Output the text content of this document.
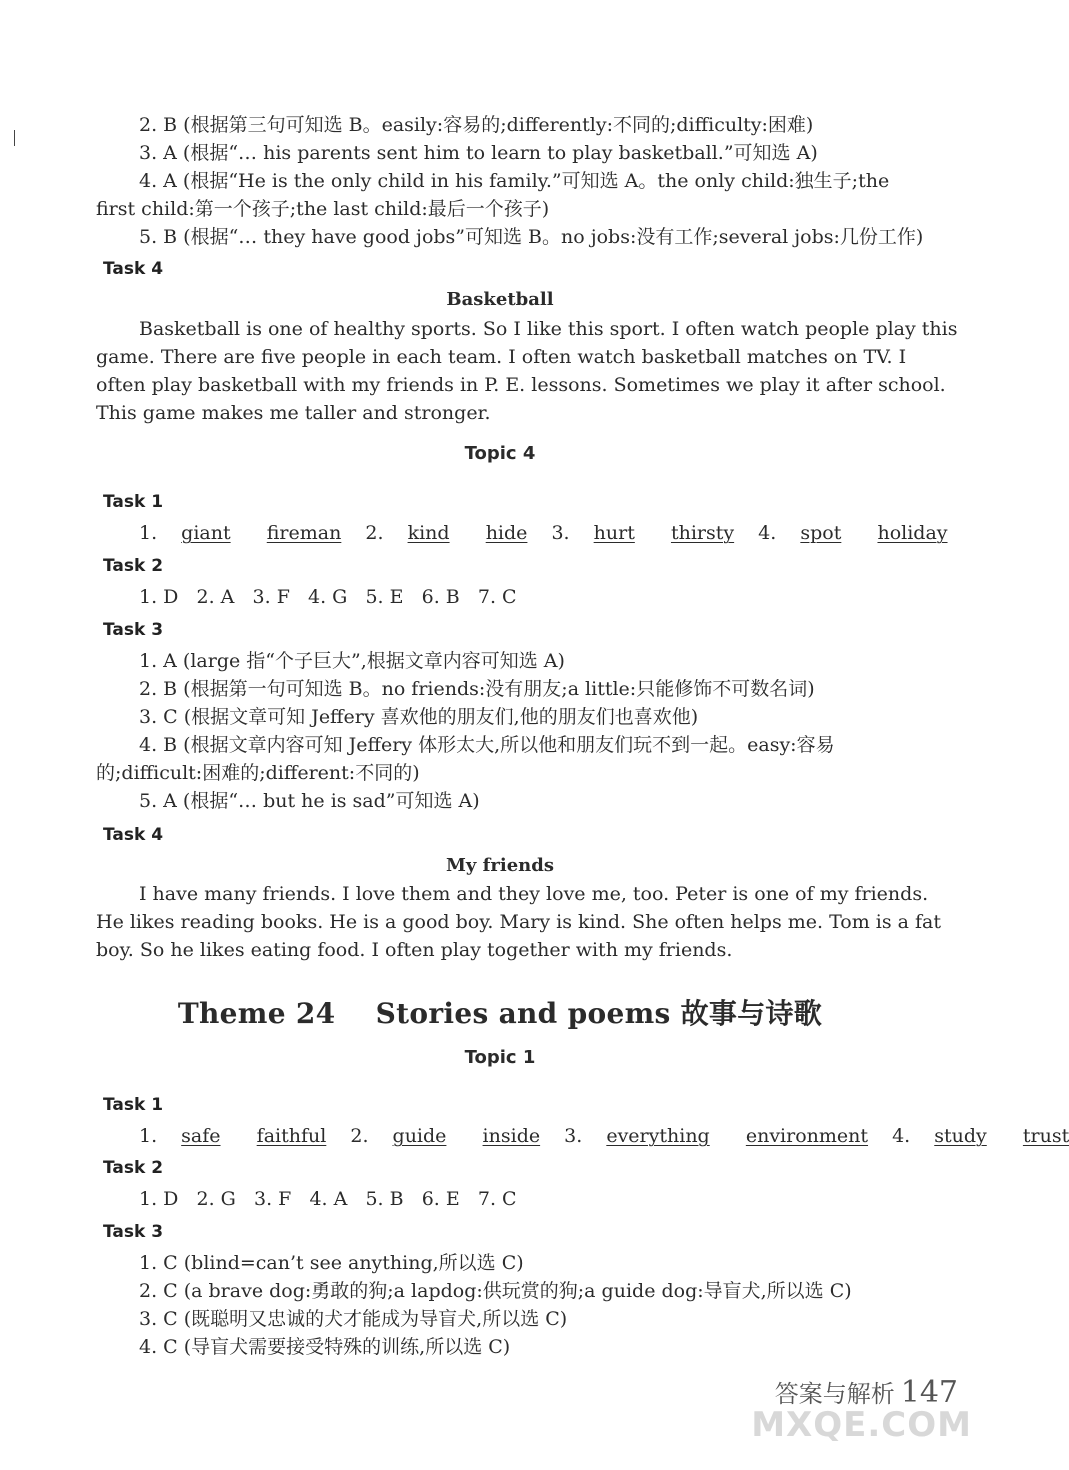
2. B (根据第三句可知选 B。easily:容易的;differently:不同的;difficulty:困难)
3. A (根据“… his parents sent him to learn to play basketball.”可知选 A)
4. A (根据“He is the only child in his family.”可知选 A。the only child:独生子;the
first child:第一个孩子;the last child:最后一个孩子)
5. B (根据“… they have good jobs”可知选 B。no jobs:没有工作;several jobs:几份工作)
Task 4
Basketball
Basketball is one of healthy sports. So I like this sport. I often watch people play this
game. There are five people in each team. I often watch basketball matches on TV. I
often play basketball with my friends in P. E. lessons. Sometimes we play it after school.
This game makes me taller and stronger.
Topic 4
Task 1
1. giant fireman 2. kind hide 3. hurt thirsty 4. spot holiday
Task 2
1. D   2. A   3. F   4. G   5. E   6. B   7. C
Task 3
1. A (large 指“个子巨大”,根据文章内容可知选 A)
2. B (根据第一句可知选 B。no friends:没有朋友;a little:只能修饰不可数名词)
3. C (根据文章可知 Jeffery 喜欢他的朋友们,他的朋友们也喜欢他)
4. B (根据文章内容可知 Jeffery 体形太大,所以他和朋友们玩不到一起。easy:容易
的;difficult:困难的;different:不同的)
5. A (根据“… but he is sad”可知选 A)
Task 4
My friends
I have many friends. I love them and they love me, too. Peter is one of my friends.
He likes reading books. He is a good boy. Mary is kind. She often helps me. Tom is a fat
boy. So he likes eating food. I often play together with my friends.
Theme 24    Stories and poems 故事与诗歌
Topic 1
Task 1
1. safe faithful 2. guide inside 3. everything environment 4. study trust
Task 2
1. D   2. G   3. F   4. A   5. B   6. E   7. C
Task 3
1. C (blind=can’t see anything,所以选 C)
2. C (a brave dog:勇敢的狗;a lapdog:供玩赏的狗;a guide dog:导盲犬,所以选 C)
3. C (既聪明又忠诚的犬才能成为导盲犬,所以选 C)
4. C (导盲犬需要接受特殊的训练,所以选 C)
答案与解析 147
MXQE.COM
